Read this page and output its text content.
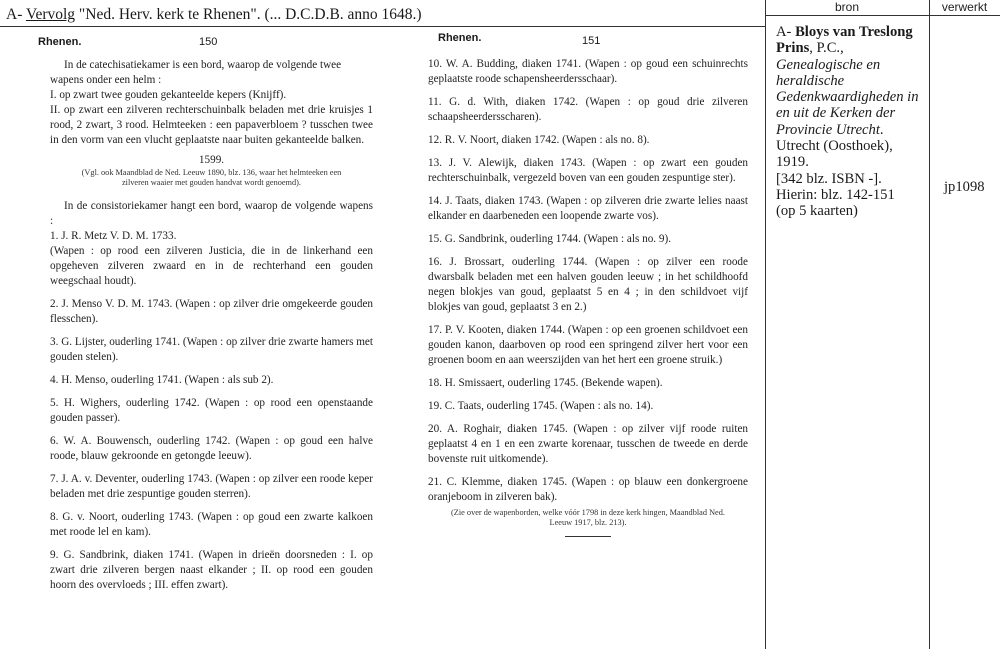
A- Vervolg "Ned. Herv. kerk te Rhenen". (... D.C.D.B. anno 1648.)
Rhenen.	150

In de catechisatiekamer is een bord, waarop de volgende twee wapens onder een helm :

I. op zwart twee gouden gekanteelde kepers (Knijff).

II. op zwart een zilveren rechterschuinbalk beladen met drie kruisjes 1 rood, 2 zwart, 3 rood. Helmteeken : een papaverbloem ? tusschen twee in den vorm van een vlucht geplaatste naar buiten gekanteelde balken.

1599.

(Vgl. ook Maandblad de Ned. Leeuw 1890, blz. 136, waar het helmteeken een zilveren waaier met gouden handvat wordt genoemd).

In de consistoriekamer hangt een bord, waarop de volgende wapens :

1. J. R. Metz V. D. M. 1733.

(Wapen : op rood een zilveren Justicia, die in de linkerhand een opgeheven zilveren zwaard en in de rechterhand een gouden weegschaal houdt).

2. J. Menso V. D. M. 1743. (Wapen : op zilver drie omgekeerde gouden flesschen).

3. G. Lijster, ouderling 1741. (Wapen : op zilver drie zwarte hamers met gouden stelen).

4. H. Menso, ouderling 1741. (Wapen : als sub 2).

5. H. Wighers, ouderling 1742. (Wapen : op rood een openstaande gouden passer).

6. W. A. Bouwensch, ouderling 1742. (Wapen : op goud een halve roode, blauw gekroonde en getongde leeuw).

7. J. A. v. Deventer, ouderling 1743. (Wapen : op zilver een roode keper beladen met drie zespuntige gouden sterren).

8. G. v. Noort, ouderling 1743. (Wapen : op goud een zwarte kalkoen met roode lel en kam).

9. G. Sandbrink, diaken 1741. (Wapen in drieën doorsneden : I. op zwart drie zilveren bergen naast elkander ; II. op rood een gouden hoorn des overvloeds ; III. effen zwart).

Rhenen.	151

10. W. A. Budding, diaken 1741. (Wapen : op goud een schuinrechts geplaatste roode schapensheerdersschaar).

11. G. d. With, diaken 1742. (Wapen : op goud drie zilveren schaapsheerdersscharen).

12. R. V. Noort, diaken 1742. (Wapen : als no. 8).

13. J. V. Alewijk, diaken 1743. (Wapen : op zwart een gouden rechterschuinbalk, vergezeld boven van een gouden zespuntige ster).

14. J. Taats, diaken 1743. (Wapen : op zilveren drie zwarte lelies naast elkander en daarbeneden een loopende zwarte vos).

15. G. Sandbrink, ouderling 1744. (Wapen : als no. 9).

16. J. Brossart, ouderling 1744. (Wapen : op zilver een roode dwarsbalk beladen met een halven gouden leeuw ; in het schildhoofd negen blokjes van goud, geplaatst 5 en 4 ; in den schildvoet vijf blokjes van goud, geplaatst 3 en 2.)

17. P. V. Kooten, diaken 1744. (Wapen : op een groenen schildvoet een gouden kanon, daarboven op rood een springend zilver hert voor een groenen boom en aan weerszijden van het hert een groene struik.)

18. H. Smissaert, ouderling 1745. (Bekende wapen).

19. C. Taats, ouderling 1745. (Wapen : als no. 14).

20. A. Roghair, diaken 1745. (Wapen : op zilver vijf roode ruiten geplaatst 4 en 1 en een zwarte korenaar, tusschen de tweede en derde bovenste ruit uitkomende).

21. C. Klemme, diaken 1745. (Wapen : op blauw een donkergroene oranjeboom in zilveren bak).

(Zie over de wapenborden, welke vóór 1798 in deze kerk hingen, Maandblad Ned. Leeuw 1917, blz. 213).

bron	verwerkt
A- Bloys van Treslong Prins, P.C., Genealogische en heraldische Gedenkwaardigheden in en uit de Kerken der Provincie Utrecht. Utrecht (Oosthoek), 1919.
[342 blz. ISBN -].
Hierin: blz. 142-151
(op 5 kaarten)
jp1098
